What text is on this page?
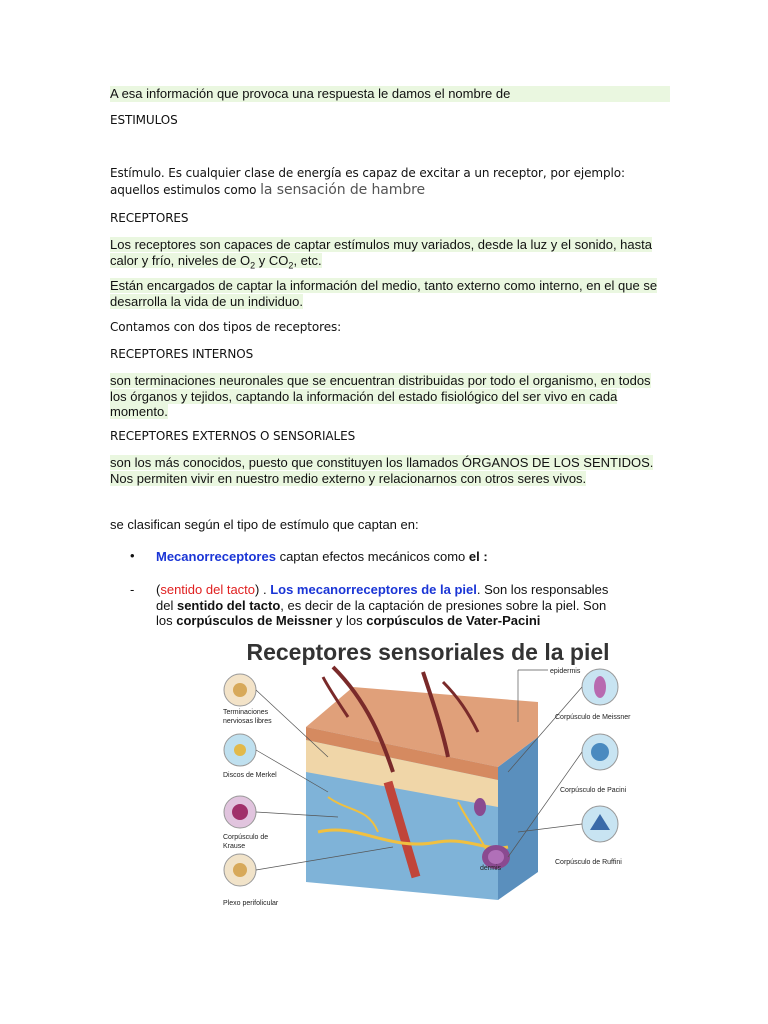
A esa información que provoca una respuesta le damos el nombre de
ESTIMULOS
Estímulo. Es cualquier clase de energía es capaz de excitar a un receptor, por ejemplo: aquellos estimulos como la sensación de hambre
RECEPTORES
Los receptores son capaces de captar estímulos muy variados, desde la luz y el sonido, hasta calor y frío, niveles de $O_2$ y $CO_2$, etc.
Están encargados de captar la información del medio, tanto externo como interno, en el que se desarrolla la vida de un individuo.
Contamos con dos tipos de receptores:
RECEPTORES INTERNOS
son terminaciones neuronales que se encuentran distribuidas por todo el organismo, en todos los órganos y tejidos, captando la información del estado fisiológico del ser vivo en cada momento.
RECEPTORES EXTERNOS O SENSORIALES
son los más conocidos, puesto que constituyen los llamados ÓRGANOS DE LOS SENTIDOS. Nos permiten vivir en nuestro medio externo y relacionarnos con otros seres vivos.
se clasifican según el tipo de estímulo que captan en:
• Mecanorreceptores captan efectos mecánicos como el :
- (sentido del tacto) . Los mecanorreceptores de la piel. Son los responsables del sentido del tacto, es decir de la captación de presiones sobre la piel. Son los corpúsculos de Meissner y los corpúsculos de Vater-Pacini
Receptores sensoriales de la piel
epidermis
dermis
Terminaciones
nerviosas libres
Discos de Merkel
Corpúsculo de
Krause
Plexo perifolicular
Corpúsculo de Meissner
Corpúsculo de Pacini
Corpúsculo de Ruffini
